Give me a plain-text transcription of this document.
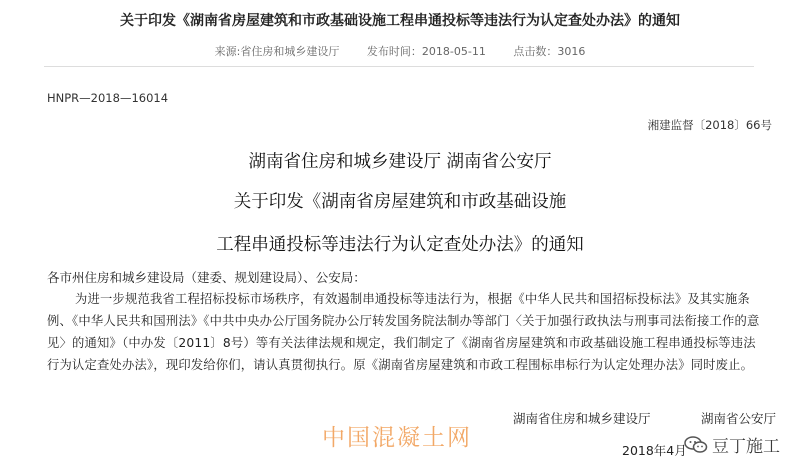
关于印发《湖南省房屋建筑和市政基础设施工程串通投标等违法行为认定查处办法》的通知
来源:省住房和城乡建设厅	发布时间：2018-05-11	点击数：3016
HNPR—2018—16014
湘建监督〔2018〕66号
湖南省住房和城乡建设厅 湖南省公安厅
关于印发《湖南省房屋建筑和市政基础设施
工程串通投标等违法行为认定查处办法》的通知
各市州住房和城乡建设局（建委、规划建设局）、公安局：
为进一步规范我省工程招标投标市场秩序，有效遏制串通投标等违法行为，根据《中华人民共和国招标投标法》及其实施条例、《中华人民共和国刑法》《中共中央办公厅国务院办公厅转发国务院法制办等部门〈关于加强行政执法与刑事司法衔接工作的意见〉的通知》（中办发〔2011〕8号）等有关法律法规和规定，我们制定了《湖南省房屋建筑和市政基础设施工程串通投标等违法行为认定查处办法》，现印发给你们，请认真贯彻执行。原《湖南省房屋建筑和市政工程围标串标行为认定处理办法》同时废止。
湖南省住房和城乡建设厅	湖南省公安厅
2018年4月
中国混凝土网	豆丁施工
